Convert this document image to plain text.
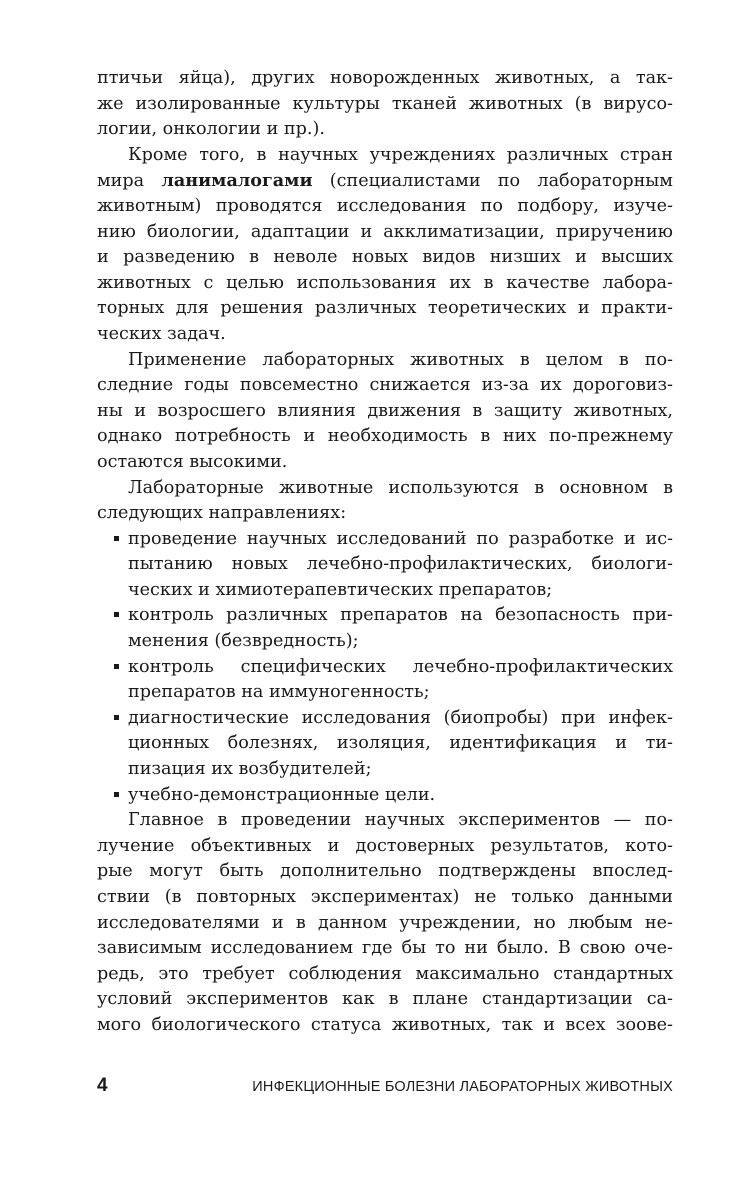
птичьи яйца), других новорожденных животных, а так-
же изолированные культуры тканей животных (в вирусо-
логии, онкологии и пр.).
Кроме того, в научных учреждениях различных стран
мира ланималогами (специалистами по лабораторным
животным) проводятся исследования по подбору, изуче-
нию биологии, адаптации и акклиматизации, приручению
и разведению в неволе новых видов низших и высших
животных с целью использования их в качестве лабора-
торных для решения различных теоретических и практи-
ческих задач.
Применение лабораторных животных в целом в по-
следние годы повсеместно снижается из-за их дороговиз-
ны и возросшего влияния движения в защиту животных,
однако потребность и необходимость в них по-прежнему
остаются высокими.
Лабораторные животные используются в основном в
следующих направлениях:
проведение научных исследований по разработке и ис-
пытанию новых лечебно-профилактических, биологи-
ческих и химиотерапевтических препаратов;
контроль различных препаратов на безопасность при-
менения (безвредность);
контроль специфических лечебно-профилактических
препаратов на иммуногенность;
диагностические исследования (биопробы) при инфек-
ционных болезнях, изоляция, идентификация и ти-
пизация их возбудителей;
учебно-демонстрационные цели.
Главное в проведении научных экспериментов — по-
лучение объективных и достоверных результатов, кото-
рые могут быть дополнительно подтверждены впослед-
ствии (в повторных экспериментах) не только данными
исследователями и в данном учреждении, но любым не-
зависимым исследованием где бы то ни было. В свою оче-
редь, это требует соблюдения максимально стандартных
условий экспериментов как в плане стандартизации са-
мого биологического статуса животных, так и всех зоове-
4	ИНФЕКЦИОННЫЕ БОЛЕЗНИ ЛАБОРАТОРНЫХ ЖИВОТНЫХ
